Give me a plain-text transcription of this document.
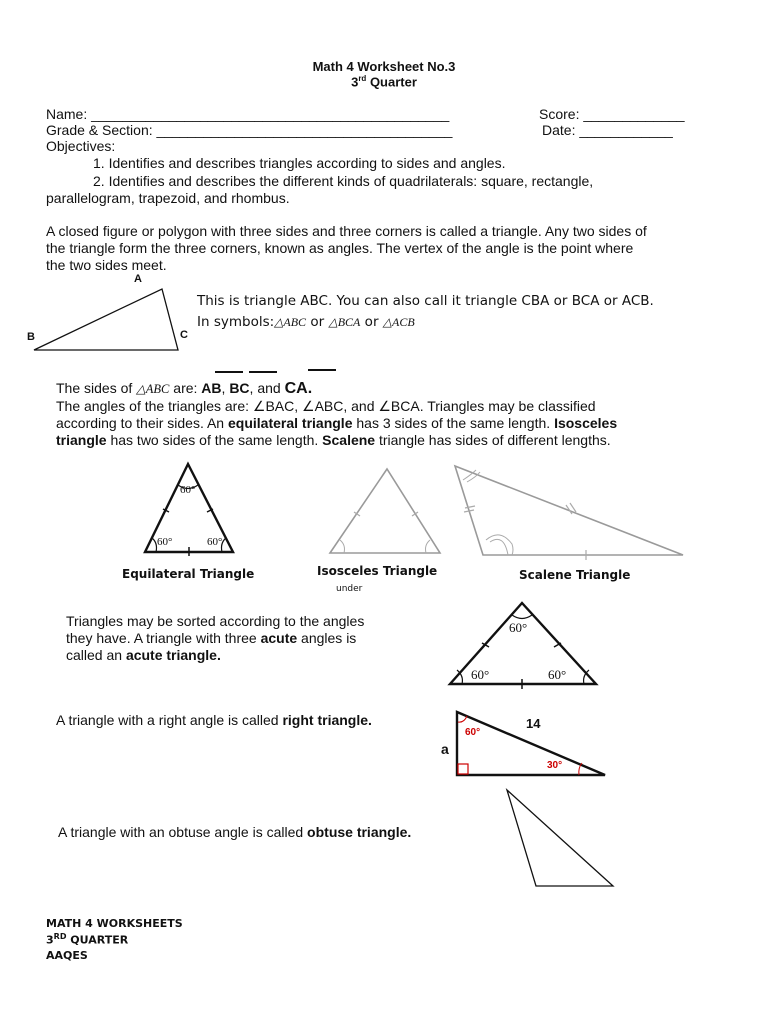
Math 4 Worksheet No.3
3rd Quarter
Name: ______________________________________________	Score: _____________
Grade & Section: ______________________________________	Date: ____________
Objectives:
1. Identifies and describes triangles according to sides and angles.
2. Identifies and describes the different kinds of quadrilaterals: square, rectangle,
parallelogram, trapezoid, and rhombus.
A closed figure or polygon with three sides and three corners is called a triangle. Any two sides of
the triangle form the three corners, known as angles. The vertex of the angle is the point where
the two sides meet.
A
B	C
This is triangle ABC. You can also call it triangle CBA or BCA or ACB.
In symbols:△ABC or △BCA or △ACB
The sides of △ABC are: AB, BC, and CA.
The angles of the triangles are: ∠BAC, ∠ABC, and ∠BCA. Triangles may be classified
according to their sides. An equilateral triangle has 3 sides of the same length. Isosceles
triangle has two sides of the same length. Scalene triangle has sides of different lengths.
60°
60°	60°
Equilateral Triangle	Isosceles Triangle
under
Scalene Triangle
Triangles may be sorted according to the angles
they have. A triangle with three acute angles is
called an acute triangle.
60°
60°	60°
A triangle with a right angle is called right triangle.	14
a
60°
30°
A triangle with an obtuse angle is called obtuse triangle.
MATH 4 WORKSHEETS
3RD QUARTER
AAQES
